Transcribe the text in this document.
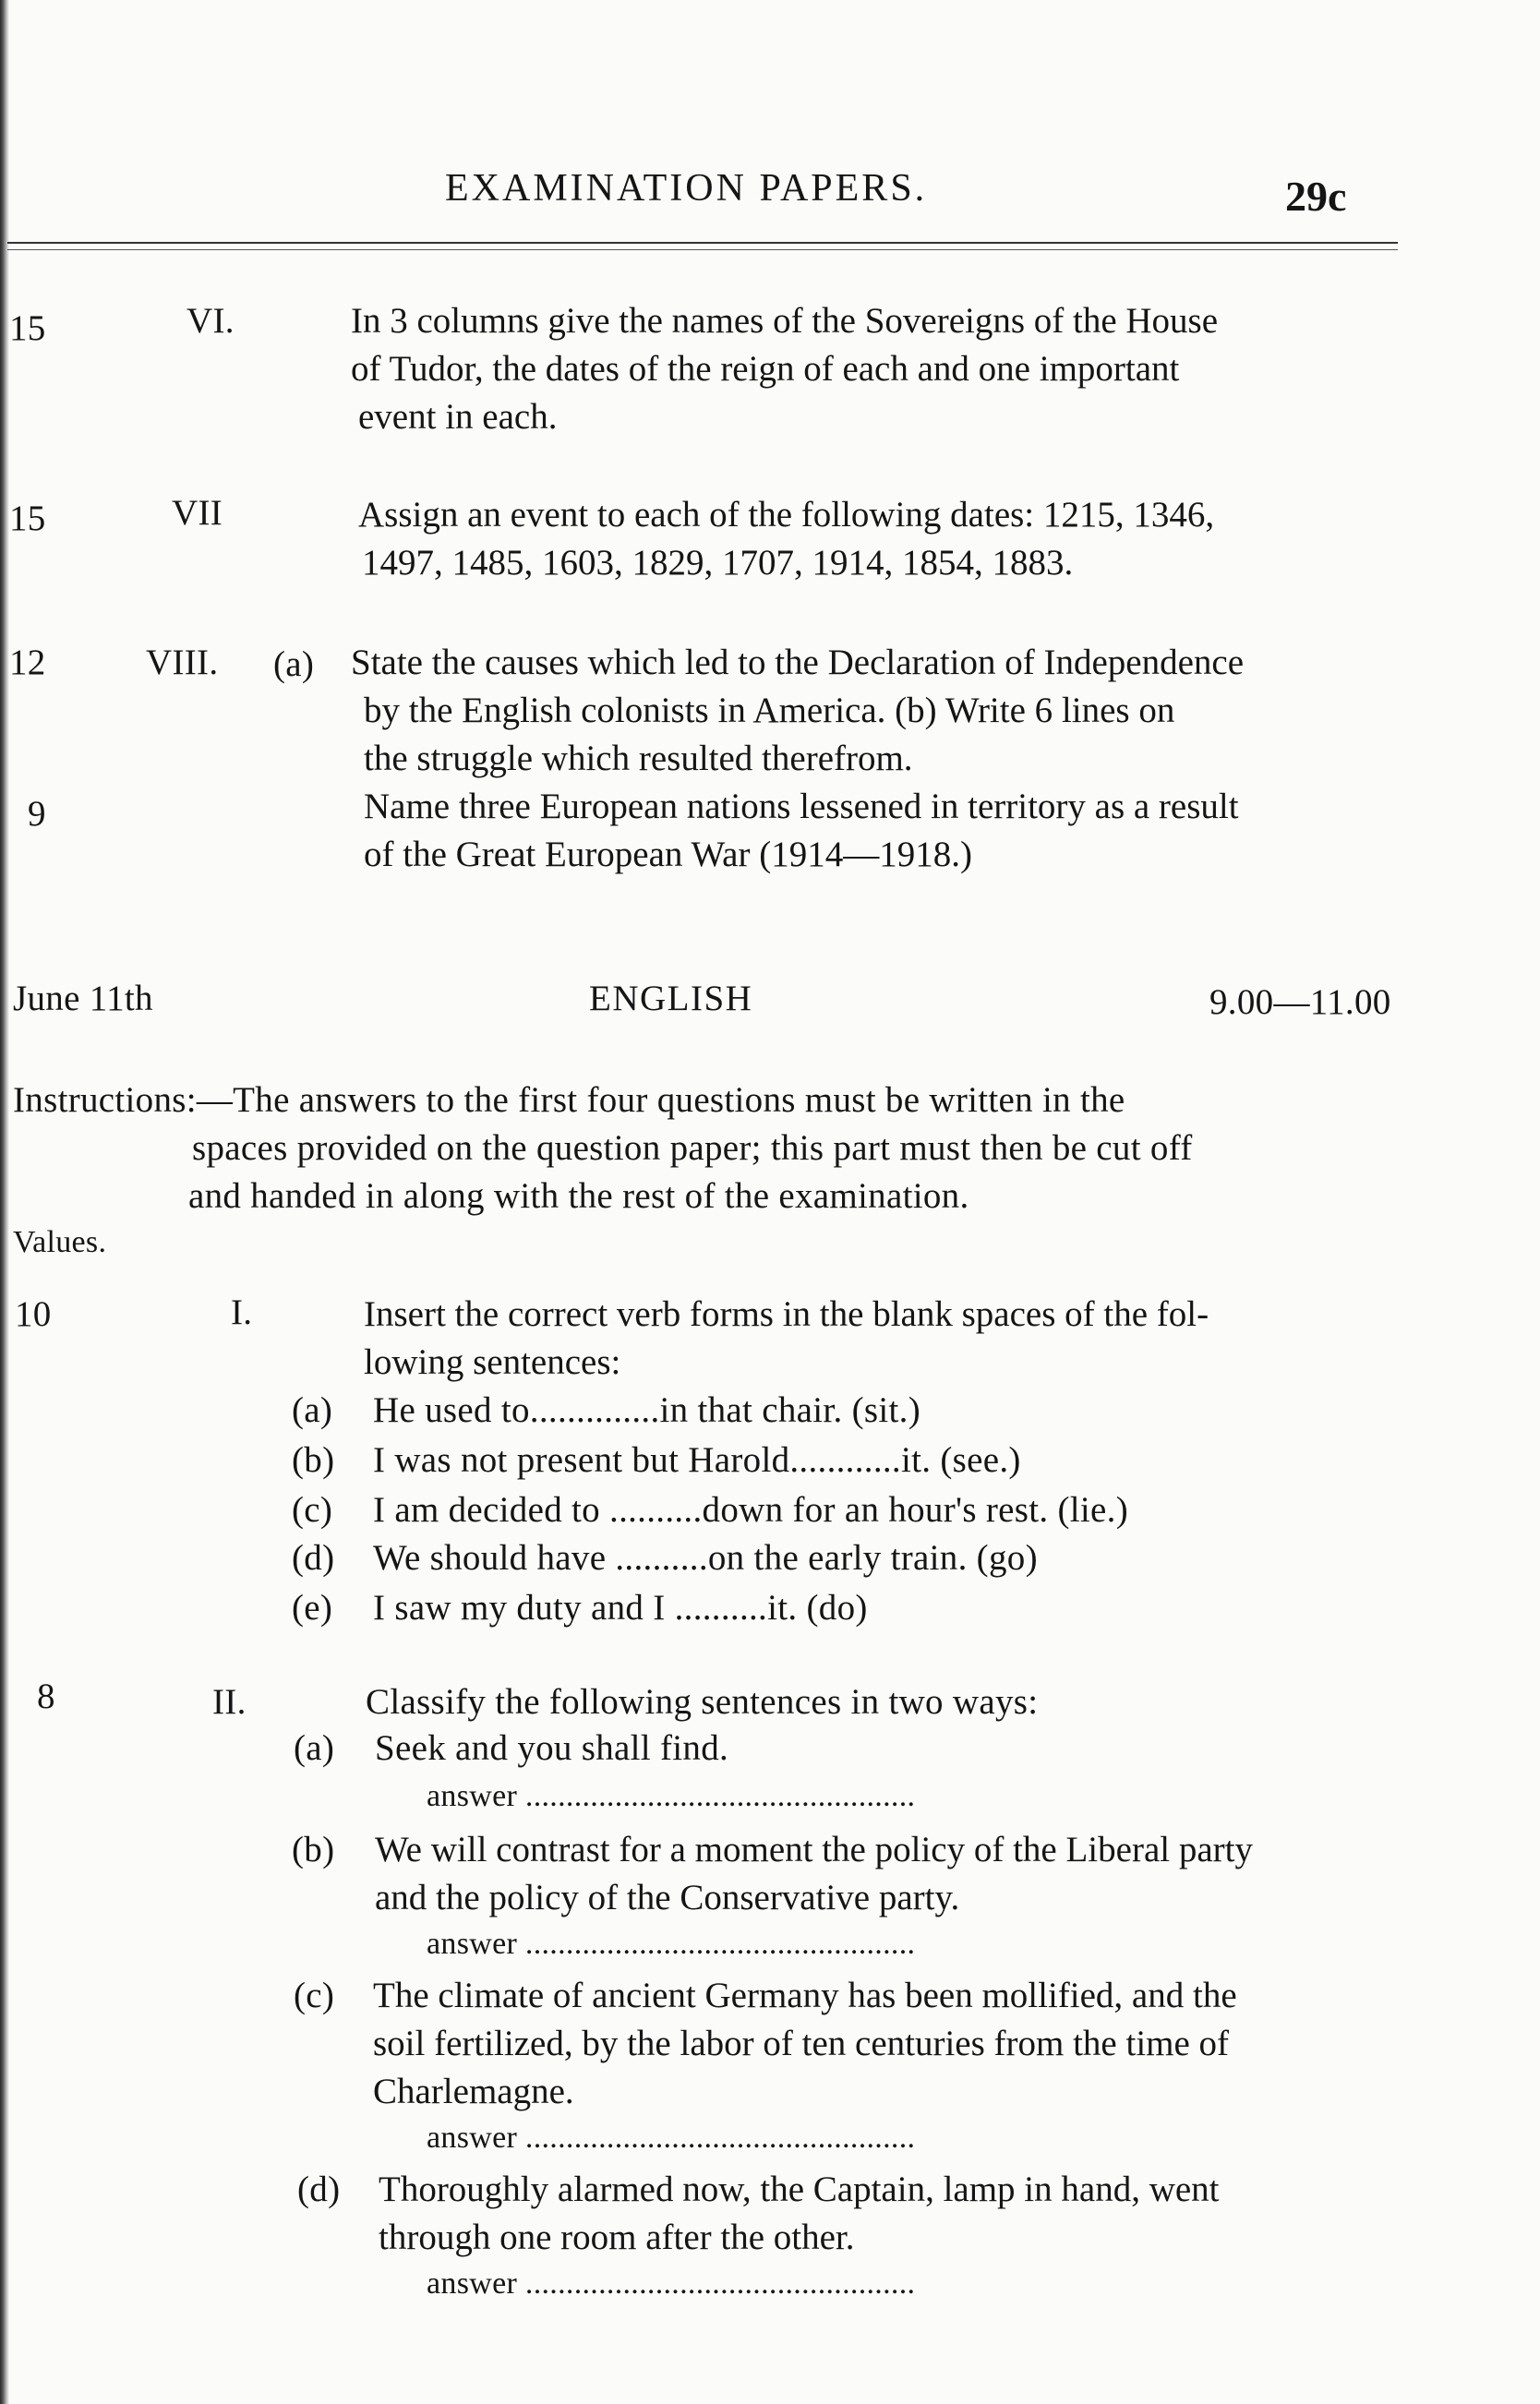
EXAMINATION PAPERS.	29c
15	VI.	In 3 columns give the names of the Sovereigns of the House
of Tudor, the dates of the reign of each and one important
event in each.
15	VII	Assign an event to each of the following dates: 1215, 1346,
1497, 1485, 1603, 1829, 1707, 1914, 1854, 1883.
12	VIII. (a) State the causes which led to the Declaration of Independence
by the English colonists in America. (b) Write 6 lines on
the struggle which resulted therefrom.
9	Name three European nations lessened in territory as a result
of the Great European War (1914—1918.)
June 11th	ENGLISH	9.00—11.00
Instructions:—The answers to the first four questions must be written in the
spaces provided on the question paper; this part must then be cut off
and handed in along with the rest of the examination.
Values.
10	I.	Insert the correct verb forms in the blank spaces of the fol-
lowing sentences:
(a) He used to..............in that chair. (sit.)
(b) I was not present but Harold............it. (see.)
(c) I am decided to ..........down for an hour's rest. (lie.)
(d) We should have ..........on the early train. (go)
(e) I saw my duty and I ..........it. (do)
8	II.	Classify the following sentences in two ways:
(a) Seek and you shall find.
answer ................................................
(b) We will contrast for a moment the policy of the Liberal party
and the policy of the Conservative party.
answer ................................................
(c) The climate of ancient Germany has been mollified, and the
soil fertilized, by the labor of ten centuries from the time of
Charlemagne.
answer ................................................
(d) Thoroughly alarmed now, the Captain, lamp in hand, went
through one room after the other.
answer ................................................
